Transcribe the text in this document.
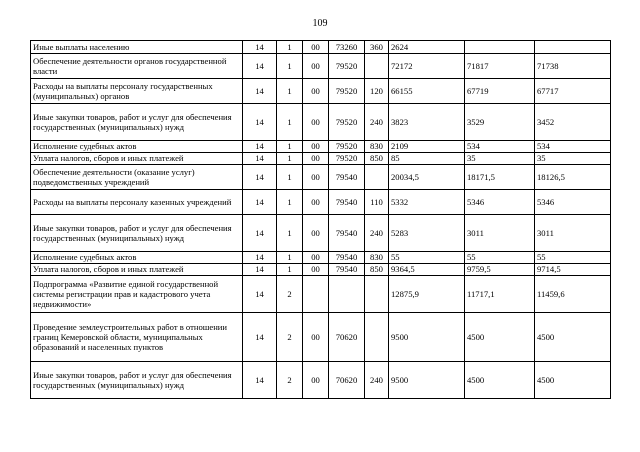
109
Иные выплаты населению	14	1	00	73260	360	2624		
Обеспечение деятельности органов государственной власти	14	1	00	79520		72172	71817	71738
Расходы на выплаты персоналу государственных (муниципальных) органов	14	1	00	79520	120	66155	67719	67717
Иные закупки товаров, работ и услуг для обеспечения государственных (муниципальных) нужд	14	1	00	79520	240	3823	3529	3452
Исполнение судебных актов	14	1	00	79520	830	2109	534	534
Уплата налогов, сборов и иных платежей	14	1	00	79520	850	85	35	35
Обеспечение деятельности (оказание услуг) подведомственных учреждений	14	1	00	79540		20034,5	18171,5	18126,5
Расходы на выплаты персоналу казенных учреждений	14	1	00	79540	110	5332	5346	5346
Иные закупки товаров, работ и услуг для обеспечения государственных (муниципальных) нужд	14	1	00	79540	240	5283	3011	3011
Исполнение судебных актов	14	1	00	79540	830	55	55	55
Уплата налогов, сборов и иных платежей	14	1	00	79540	850	9364,5	9759,5	9714,5
Подпрограмма «Развитие единой государственной системы регистрации прав и кадастрового учета недвижимости»	14	2				12875,9	11717,1	11459,6
Проведение землеустроительных работ в отношении границ Кемеровской области, муниципальных образований и населенных пунктов	14	2	00	70620		9500	4500	4500
Иные закупки товаров, работ и услуг для обеспечения государственных (муниципальных) нужд	14	2	00	70620	240	9500	4500	4500
